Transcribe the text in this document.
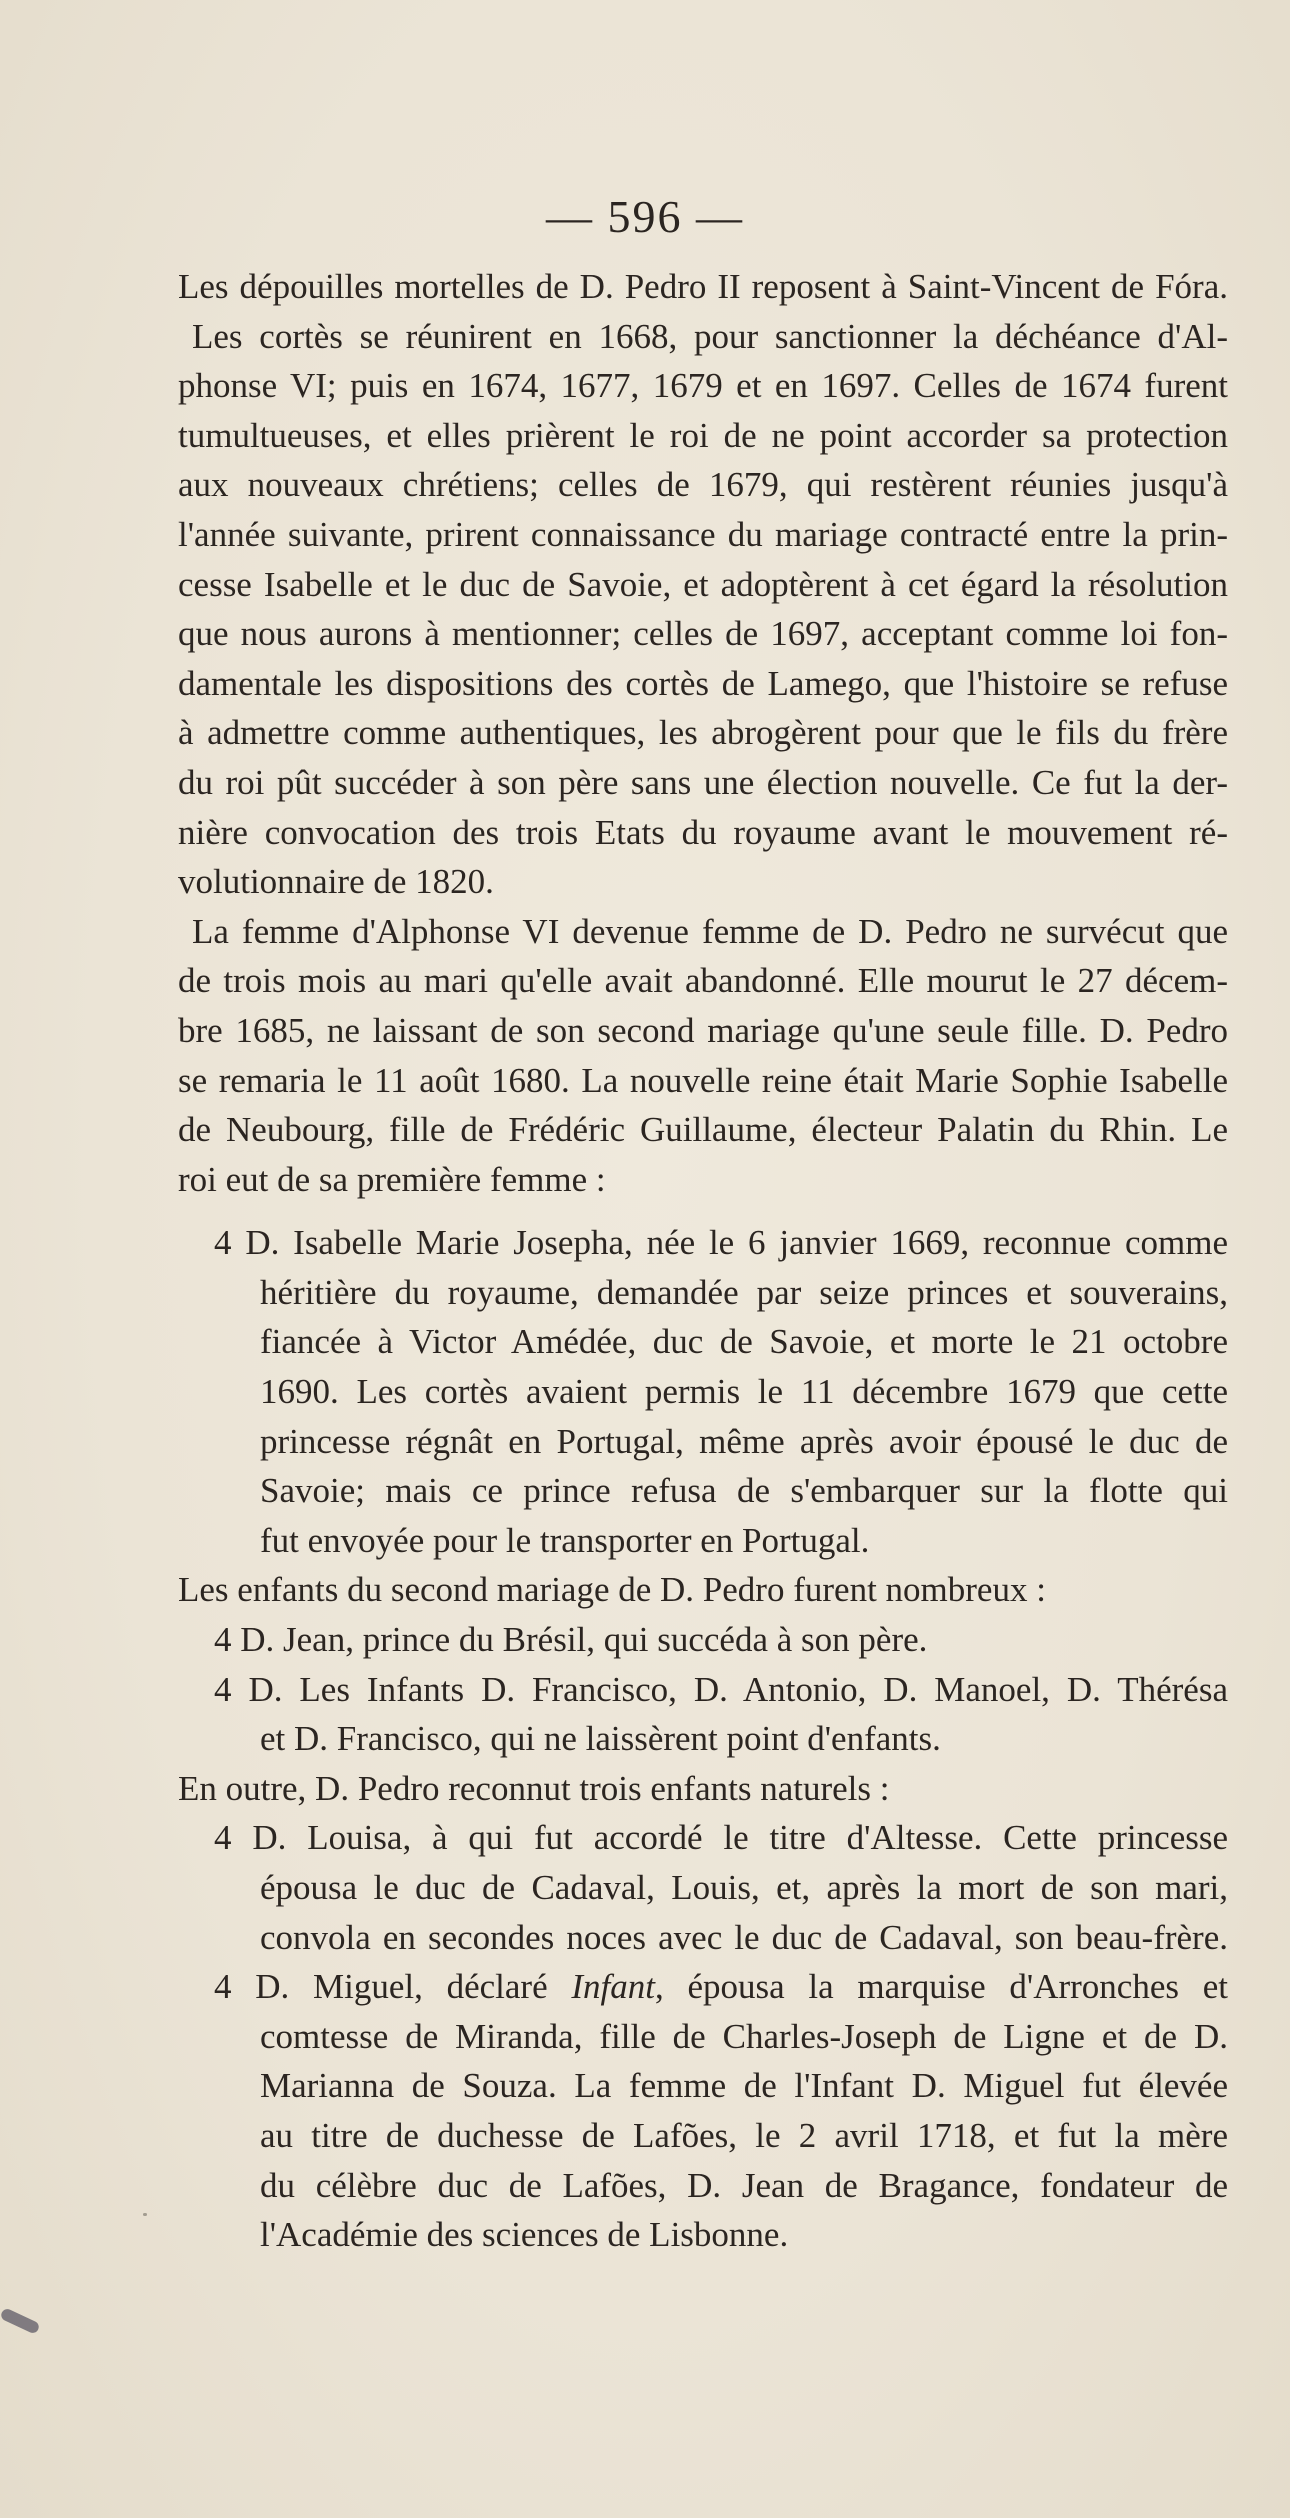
— 596 —
Les dépouilles mortelles de D. Pedro II reposent à Saint-Vincent de Fóra.
Les cortès se réunirent en 1668, pour sanctionner la déchéance d'Al-
phonse VI; puis en 1674, 1677, 1679 et en 1697. Celles de 1674 furent
tumultueuses, et elles prièrent le roi de ne point accorder sa protection
aux nouveaux chrétiens; celles de 1679, qui restèrent réunies jusqu'à
l'année suivante, prirent connaissance du mariage contracté entre la prin-
cesse Isabelle et le duc de Savoie, et adoptèrent à cet égard la résolution
que nous aurons à mentionner; celles de 1697, acceptant comme loi fon-
damentale les dispositions des cortès de Lamego, que l'histoire se refuse
à admettre comme authentiques, les abrogèrent pour que le fils du frère
du roi pût succéder à son père sans une élection nouvelle. Ce fut la der-
nière convocation des trois Etats du royaume avant le mouvement ré-
volutionnaire de 1820.
La femme d'Alphonse VI devenue femme de D. Pedro ne survécut que
de trois mois au mari qu'elle avait abandonné. Elle mourut le 27 décem-
bre 1685, ne laissant de son second mariage qu'une seule fille. D. Pedro
se remaria le 11 août 1680. La nouvelle reine était Marie Sophie Isabelle
de Neubourg, fille de Frédéric Guillaume, électeur Palatin du Rhin. Le
roi eut de sa première femme :
4 D. Isabelle Marie Josepha, née le 6 janvier 1669, reconnue comme
héritière du royaume, demandée par seize princes et souverains,
fiancée à Victor Amédée, duc de Savoie, et morte le 21 octobre
1690. Les cortès avaient permis le 11 décembre 1679 que cette
princesse régnât en Portugal, même après avoir épousé le duc de
Savoie; mais ce prince refusa de s'embarquer sur la flotte qui
fut envoyée pour le transporter en Portugal.
Les enfants du second mariage de D. Pedro furent nombreux :
4 D. Jean, prince du Brésil, qui succéda à son père.
4 D. Les Infants D. Francisco, D. Antonio, D. Manoel, D. Thérésa
et D. Francisco, qui ne laissèrent point d'enfants.
En outre, D. Pedro reconnut trois enfants naturels :
4 D. Louisa, à qui fut accordé le titre d'Altesse. Cette princesse
épousa le duc de Cadaval, Louis, et, après la mort de son mari,
convola en secondes noces avec le duc de Cadaval, son beau-frère.
4 D. Miguel, déclaré Infant, épousa la marquise d'Arronches et
comtesse de Miranda, fille de Charles-Joseph de Ligne et de D.
Marianna de Souza. La femme de l'Infant D. Miguel fut élevée
au titre de duchesse de Lafões, le 2 avril 1718, et fut la mère
du célèbre duc de Lafões, D. Jean de Bragance, fondateur de
l'Académie des sciences de Lisbonne.
